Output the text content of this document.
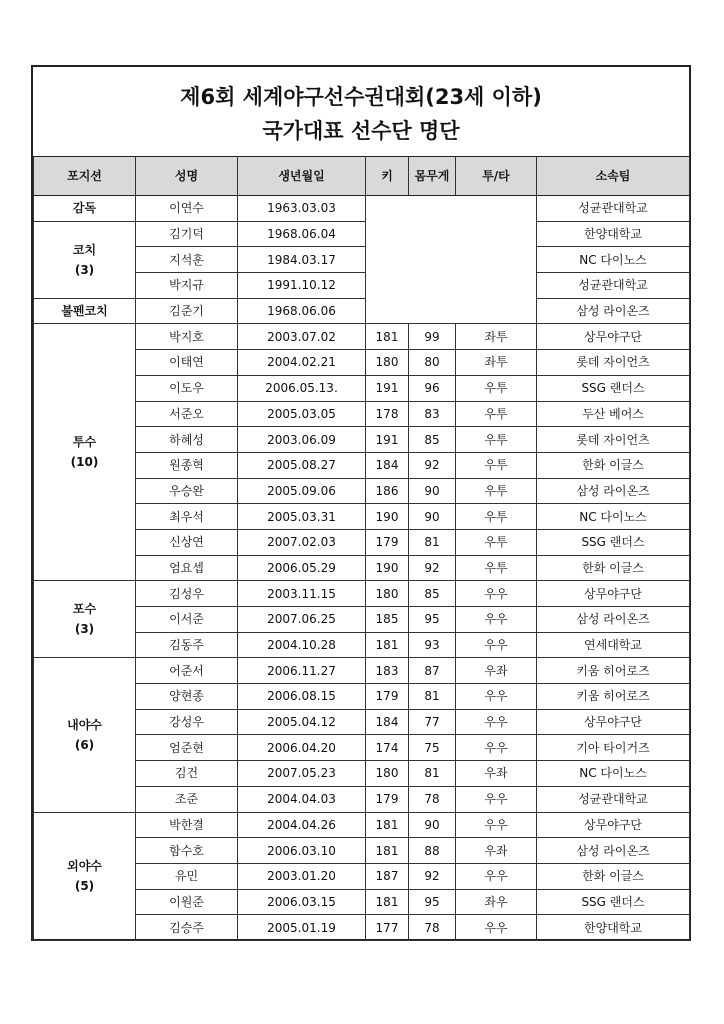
제6회 세계야구선수권대회(23세 이하)
국가대표 선수단 명단
포지션	성명	생년월일	키	몸무게	투/타	소속팀

감독	이연수	1963.03.03				성균관대학교

코치
(3)	김기덕	1968.06.04				한양대학교
	지석훈	1984.03.17				NC 다이노스
	박지규	1991.10.12				성균관대학교

불펜코치	김준기	1968.06.06				삼성 라이온즈

투수
(10)	박지호	2003.07.02	181	99	좌투	상무야구단
	이태연	2004.02.21	180	80	좌투	롯데 자이언츠
	이도우	2006.05.13.	191	96	우투	SSG 랜더스
	서준오	2005.03.05	178	83	우투	두산 베어스
	하혜성	2003.06.09	191	85	우투	롯데 자이언츠
	원종혁	2005.08.27	184	92	우투	한화 이글스
	우승완	2005.09.06	186	90	우투	삼성 라이온즈
	최우석	2005.03.31	190	90	우투	NC 다이노스
	신상연	2007.02.03	179	81	우투	SSG 랜더스
	엄요셉	2006.05.29	190	92	우투	한화 이글스

포수
(3)	김성우	2003.11.15	180	85	우우	상무야구단
	이서준	2007.06.25	185	95	우우	삼성 라이온즈
	김동주	2004.10.28	181	93	우우	연세대학교

내야수
(6)	어준서	2006.11.27	183	87	우좌	키움 히어로즈
	양현종	2006.08.15	179	81	우우	키움 히어로즈
	강성우	2005.04.12	184	77	우우	상무야구단
	엄준현	2006.04.20	174	75	우우	기아 타이거즈
	김건	2007.05.23	180	81	우좌	NC 다이노스
	조준	2004.04.03	179	78	우우	성균관대학교

외야수
(5)	박한결	2004.04.26	181	90	우우	상무야구단
	함수호	2006.03.10	181	88	우좌	삼성 라이온즈
	유민	2003.01.20	187	92	우우	한화 이글스
	이원준	2006.03.15	181	95	좌우	SSG 랜더스
	김승주	2005.01.19	177	78	우우	한양대학교
